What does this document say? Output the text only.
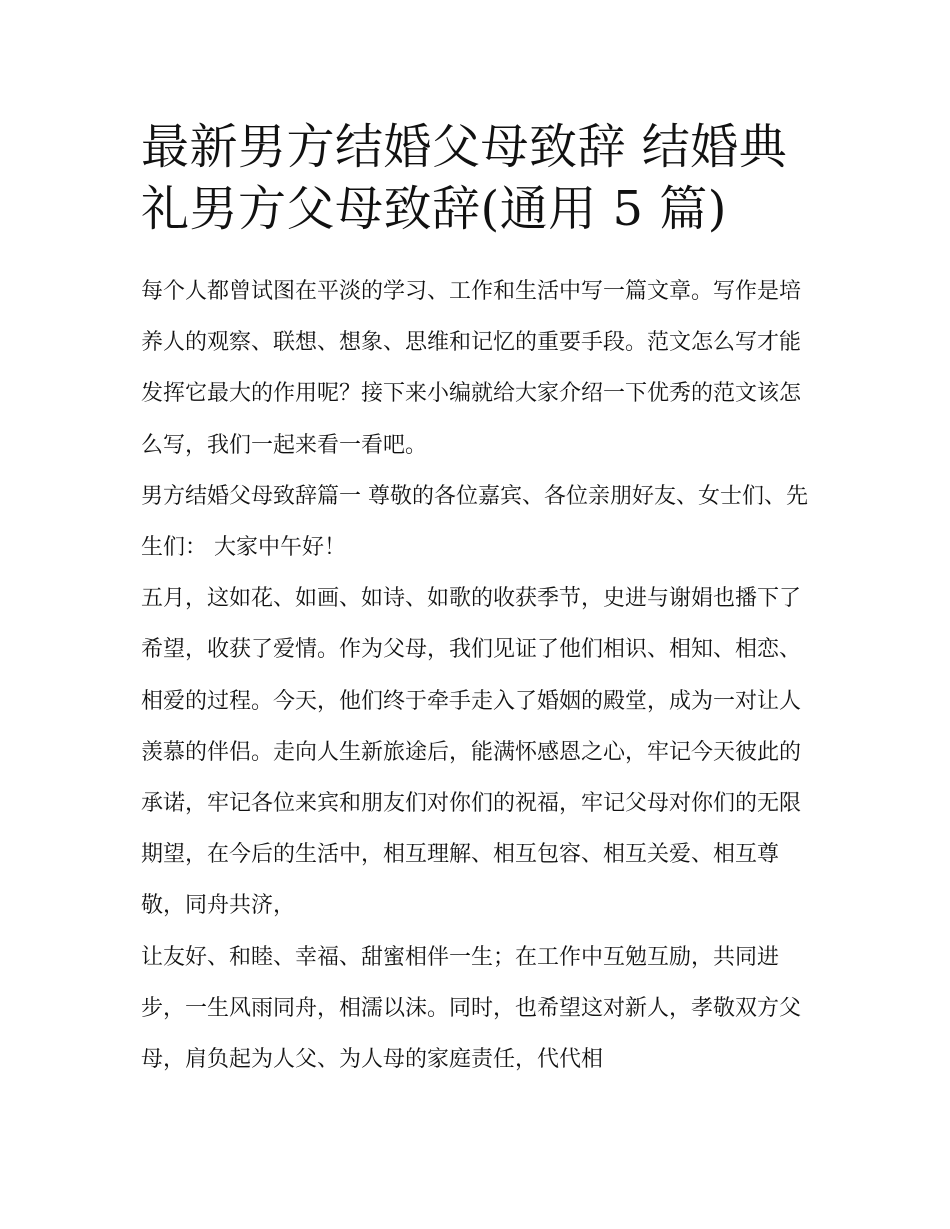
最新男方结婚父母致辞 结婚典礼男方父母致辞(通用 5 篇)

每个人都曾试图在平淡的学习、工作和生活中写一篇文章。写作是培养人的观察、联想、想象、思维和记忆的重要手段。范文怎么写才能发挥它最大的作用呢？接下来小编就给大家介绍一下优秀的范文该怎么写，我们一起来看一看吧。

男方结婚父母致辞篇一 尊敬的各位嘉宾、各位亲朋好友、女士们、先生们： 大家中午好！

五月，这如花、如画、如诗、如歌的收获季节，史进与谢娟也播下了希望，收获了爱情。作为父母，我们见证了他们相识、相知、相恋、相爱的过程。今天，他们终于牵手走入了婚姻的殿堂，成为一对让人羡慕的伴侣。走向人生新旅途后，能满怀感恩之心，牢记今天彼此的承诺，牢记各位来宾和朋友们对你们的祝福，牢记父母对你们的无限期望，在今后的生活中，相互理解、相互包容、相互关爱、相互尊敬，同舟共济，

让友好、和睦、幸福、甜蜜相伴一生；在工作中互勉互励，共同进步，一生风雨同舟，相濡以沫。同时，也希望这对新人，孝敬双方父母，肩负起为人父、为人母的家庭责任，代代相
